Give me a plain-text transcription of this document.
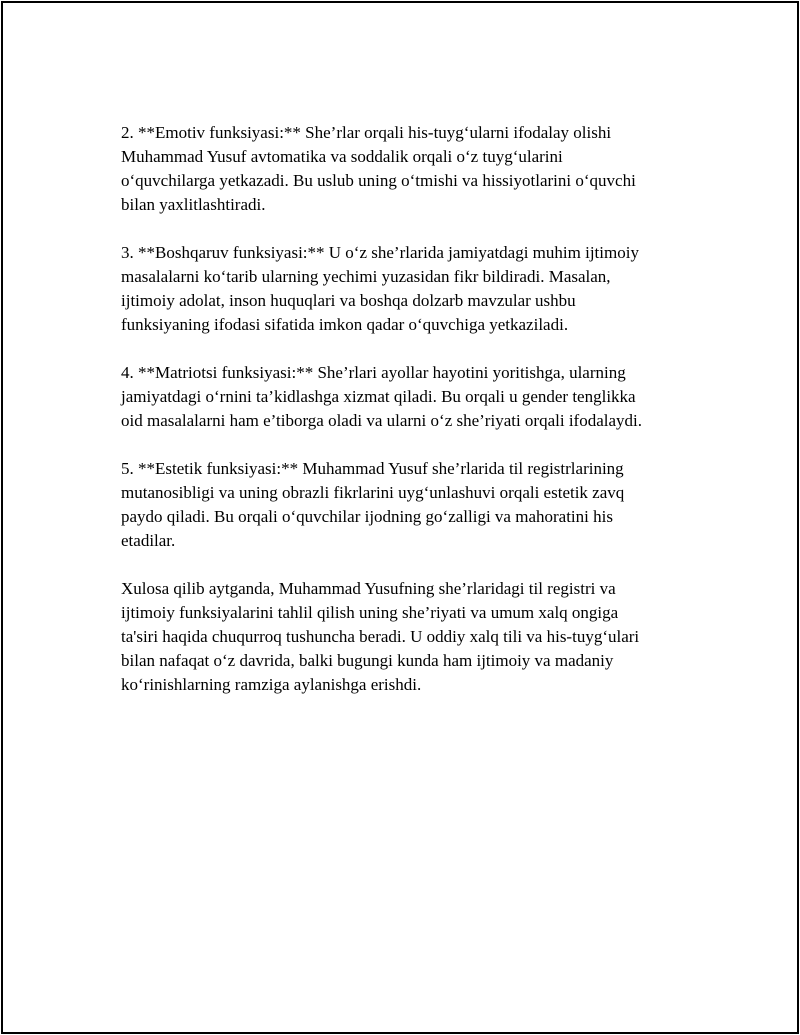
2. **Emotiv funksiyasi:** She’rlar orqali his-tuyg‘ularni ifodalay olishi
Muhammad Yusuf avtomatika va soddalik orqali o‘z tuyg‘ularini
o‘quvchilarga yetkazadi. Bu uslub uning o‘tmishi va hissiyotlarini o‘quvchi
bilan yaxlitlashtiradi.

3. **Boshqaruv funksiyasi:** U o‘z she’rlarida jamiyatdagi muhim ijtimoiy
masalalarni ko‘tarib ularning yechimi yuzasidan fikr bildiradi. Masalan,
ijtimoiy adolat, inson huquqlari va boshqa dolzarb mavzular ushbu
funksiyaning ifodasi sifatida imkon qadar o‘quvchiga yetkaziladi.

4. **Matriotsi funksiyasi:** She’rlari ayollar hayotini yoritishga, ularning
jamiyatdagi o‘rnini ta’kidlashga xizmat qiladi. Bu orqali u gender tenglikka
oid masalalarni ham e’tiborga oladi va ularni o‘z she’riyati orqali ifodalaydi.

5. **Estetik funksiyasi:** Muhammad Yusuf she’rlarida til registrlarining
mutanosibligi va uning obrazli fikrlarini uyg‘unlashuvi orqali estetik zavq
paydo qiladi. Bu orqali o‘quvchilar ijodning go‘zalligi va mahoratini his
etadilar.

Xulosa qilib aytganda, Muhammad Yusufning she’rlaridagi til registri va
ijtimoiy funksiyalarini tahlil qilish uning she’riyati va umum xalq ongiga
ta'siri haqida chuqurroq tushuncha beradi. U oddiy xalq tili va his-tuyg‘ulari
bilan nafaqat o‘z davrida, balki bugungi kunda ham ijtimoiy va madaniy
ko‘rinishlarning ramziga aylanishga erishdi.
